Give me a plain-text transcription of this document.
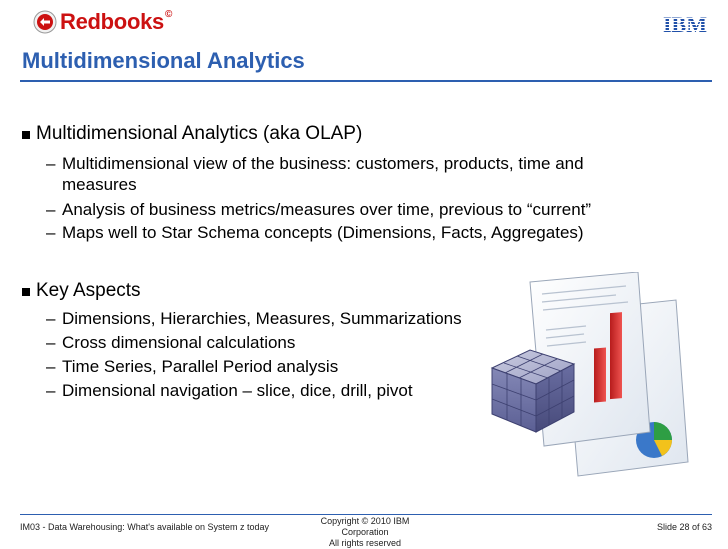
Redbooks©
Multidimensional Analytics
Multidimensional Analytics (aka OLAP)
– Multidimensional view of the business: customers, products, time and
measures
– Analysis of business metrics/measures over time, previous to “current”
– Maps well to Star Schema concepts (Dimensions, Facts, Aggregates)
Key Aspects
– Dimensions, Hierarchies, Measures, Summarizations
– Cross dimensional calculations
– Time Series, Parallel Period analysis
– Dimensional navigation – slice, dice, drill, pivot
IM03 - Data Warehousing: What's available on System z today
Copyright © 2010 IBM Corporation
All rights reserved
Slide 28 of 63
